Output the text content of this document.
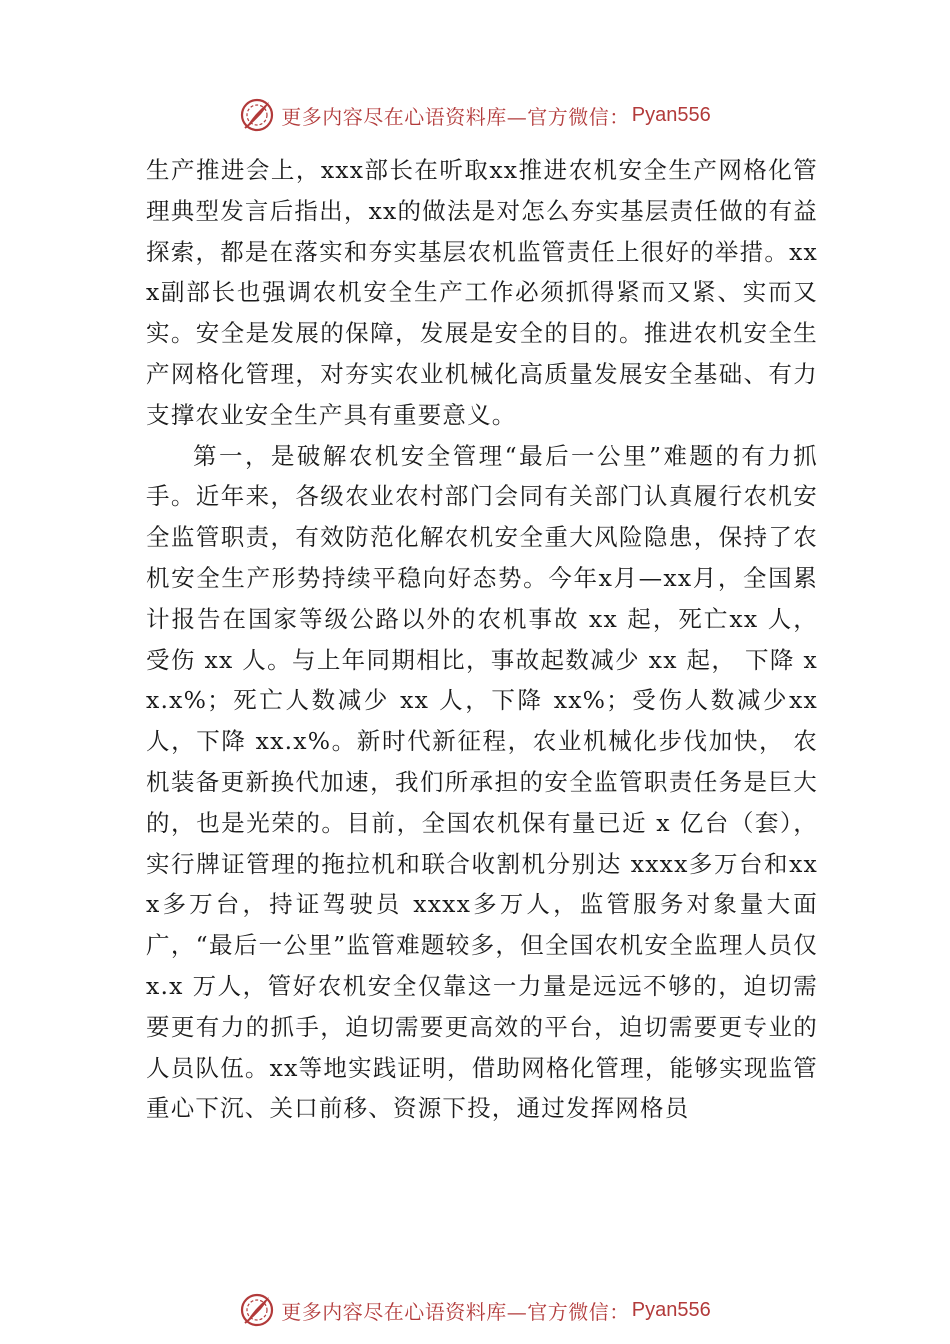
更多内容尽在心语资料库—官方微信： Pyan556

生产推进会上，xxx部长在听取xx推进农机安全生产网格化管理典型发言后指出，xx的做法是对怎么夯实基层责任做的有益探索，都是在落实和夯实基层农机监管责任上很好的举措。xxx副部长也强调农机安全生产工作必须抓得紧而又紧、实而又实。安全是发展的保障，发展是安全的目的。推进农机安全生产网格化管理，对夯实农业机械化高质量发展安全基础、有力支撑农业安全生产具有重要意义。

第一，是破解农机安全管理“最后一公里”难题的有力抓手。近年来，各级农业农村部门会同有关部门认真履行农机安全监管职责，有效防范化解农机安全重大风险隐患，保持了农机安全生产形势持续平稳向好态势。今年x月—xx月，全国累计报告在国家等级公路以外的农机事故 xx 起，死亡xx 人，受伤 xx 人。与上年同期相比，事故起数减少 xx 起， 下降 xx.x%；死亡人数减少 xx 人，下降 xx%；受伤人数减少xx 人，下降 xx.x%。新时代新征程，农业机械化步伐加快， 农机装备更新换代加速，我们所承担的安全监管职责任务是巨大的，也是光荣的。目前，全国农机保有量已近 x 亿台（套），实行牌证管理的拖拉机和联合收割机分别达 xxxx多万台和xxx多万台，持证驾驶员 xxxx多万人，监管服务对象量大面广，“最后一公里”监管难题较多，但全国农机安全监理人员仅 x.x 万人，管好农机安全仅靠这一力量是远远不够的，迫切需要更有力的抓手，迫切需要更高效的平台，迫切需要更专业的人员队伍。xx等地实践证明，借助网格化管理，能够实现监管重心下沉、关口前移、资源下投，通过发挥网格员

更多内容尽在心语资料库—官方微信： Pyan556
